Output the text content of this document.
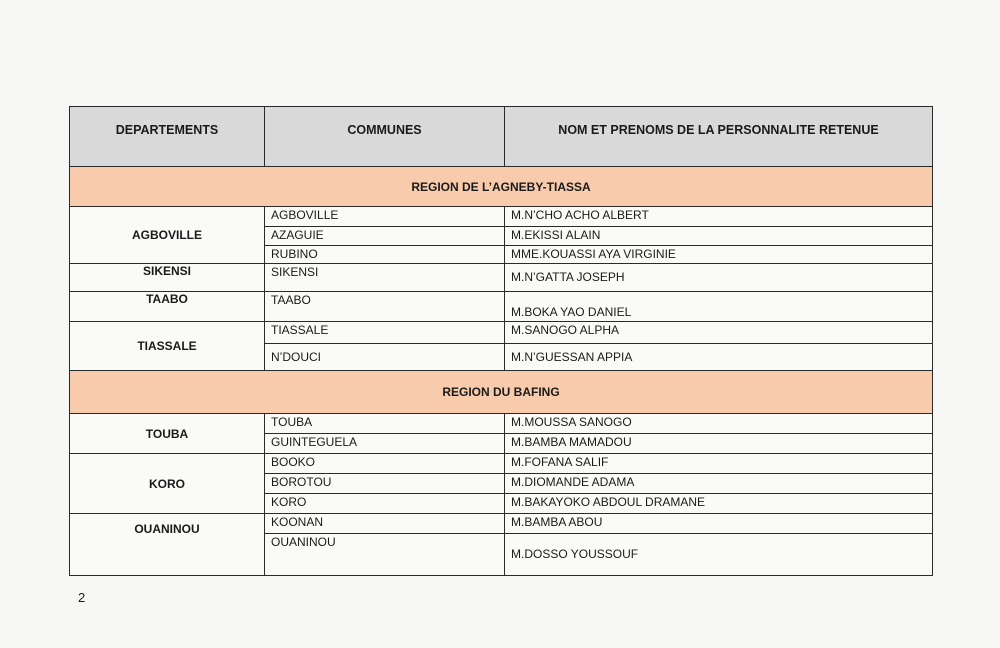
DEPARTEMENTS	COMMUNES	NOM ET PRENOMS DE LA PERSONNALITE RETENUE
REGION DE L’AGNEBY-TIASSA		
AGBOVILLE	AGBOVILLE	M.N’CHO ACHO ALBERT
	AZAGUIE	M.EKISSI ALAIN
	RUBINO	MME.KOUASSI AYA VIRGINIE
SIKENSI	SIKENSI	M.N’GATTA JOSEPH
TAABO	TAABO	M.BOKA YAO DANIEL
TIASSALE	TIASSALE	M.SANOGO ALPHA
	N’DOUCI	M.N’GUESSAN APPIA
REGION DU BAFING		
TOUBA	TOUBA	M.MOUSSA SANOGO
	GUINTEGUELA	M.BAMBA MAMADOU
KORO	BOOKO	M.FOFANA SALIF
	BOROTOU	M.DIOMANDE ADAMA
	KORO	M.BAKAYOKO ABDOUL DRAMANE
OUANINOU	KOONAN	M.BAMBA ABOU
	OUANINOU	M.DOSSO YOUSSOUF
2
